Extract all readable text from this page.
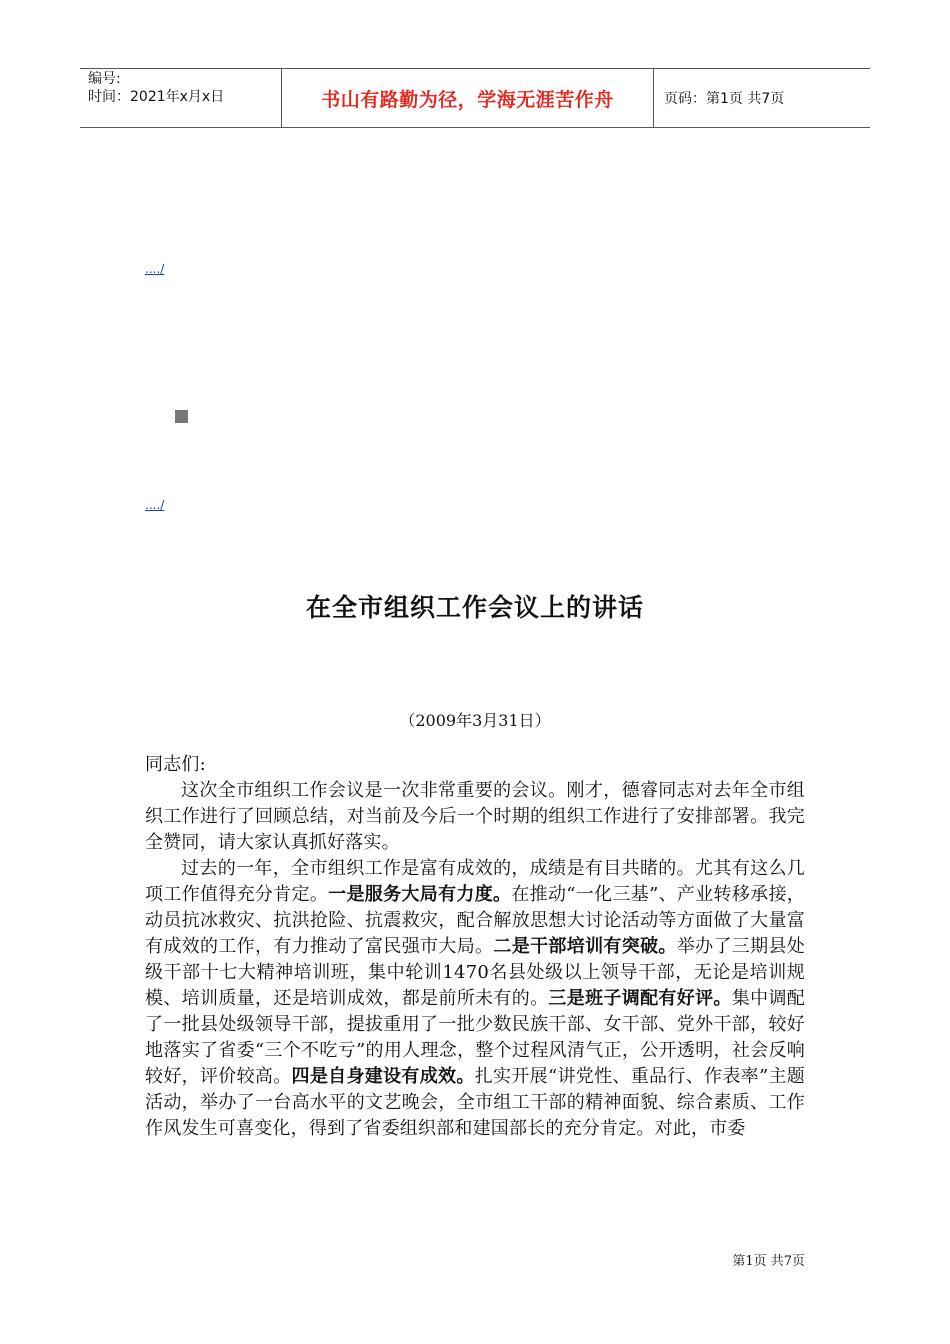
编号:
时间：2021年x月x日	书山有路勤为径，学海无涯苦作舟	页码：第1页 共7页
..../
..../
在全市组织工作会议上的讲话
（2009年3月31日）

同志们:

这次全市组织工作会议是一次非常重要的会议。刚才，德睿同志对去年全市组织工作进行了回顾总结，对当前及今后一个时期的组织工作进行了安排部署。我完全赞同，请大家认真抓好落实。

过去的一年，全市组织工作是富有成效的，成绩是有目共睹的。尤其有这么几项工作值得充分肯定。一是服务大局有力度。在推动“一化三基”、产业转移承接，动员抗冰救灾、抗洪抢险、抗震救灾，配合解放思想大讨论活动等方面做了大量富有成效的工作，有力推动了富民强市大局。二是干部培训有突破。举办了三期县处级干部十七大精神培训班，集中轮训1470名县处级以上领导干部，无论是培训规模、培训质量，还是培训成效，都是前所未有的。三是班子调配有好评。集中调配了一批县处级领导干部，提拔重用了一批少数民族干部、女干部、党外干部，较好地落实了省委“三个不吃亏”的用人理念，整个过程风清气正，公开透明，社会反响较好，评价较高。四是自身建设有成效。扎实开展“讲党性、重品行、作表率”主题活动，举办了一台高水平的文艺晚会，全市组工干部的精神面貌、综合素质、工作作风发生可喜变化，得到了省委组织部和建国部长的充分肯定。对此，市委

第1页 共7页
